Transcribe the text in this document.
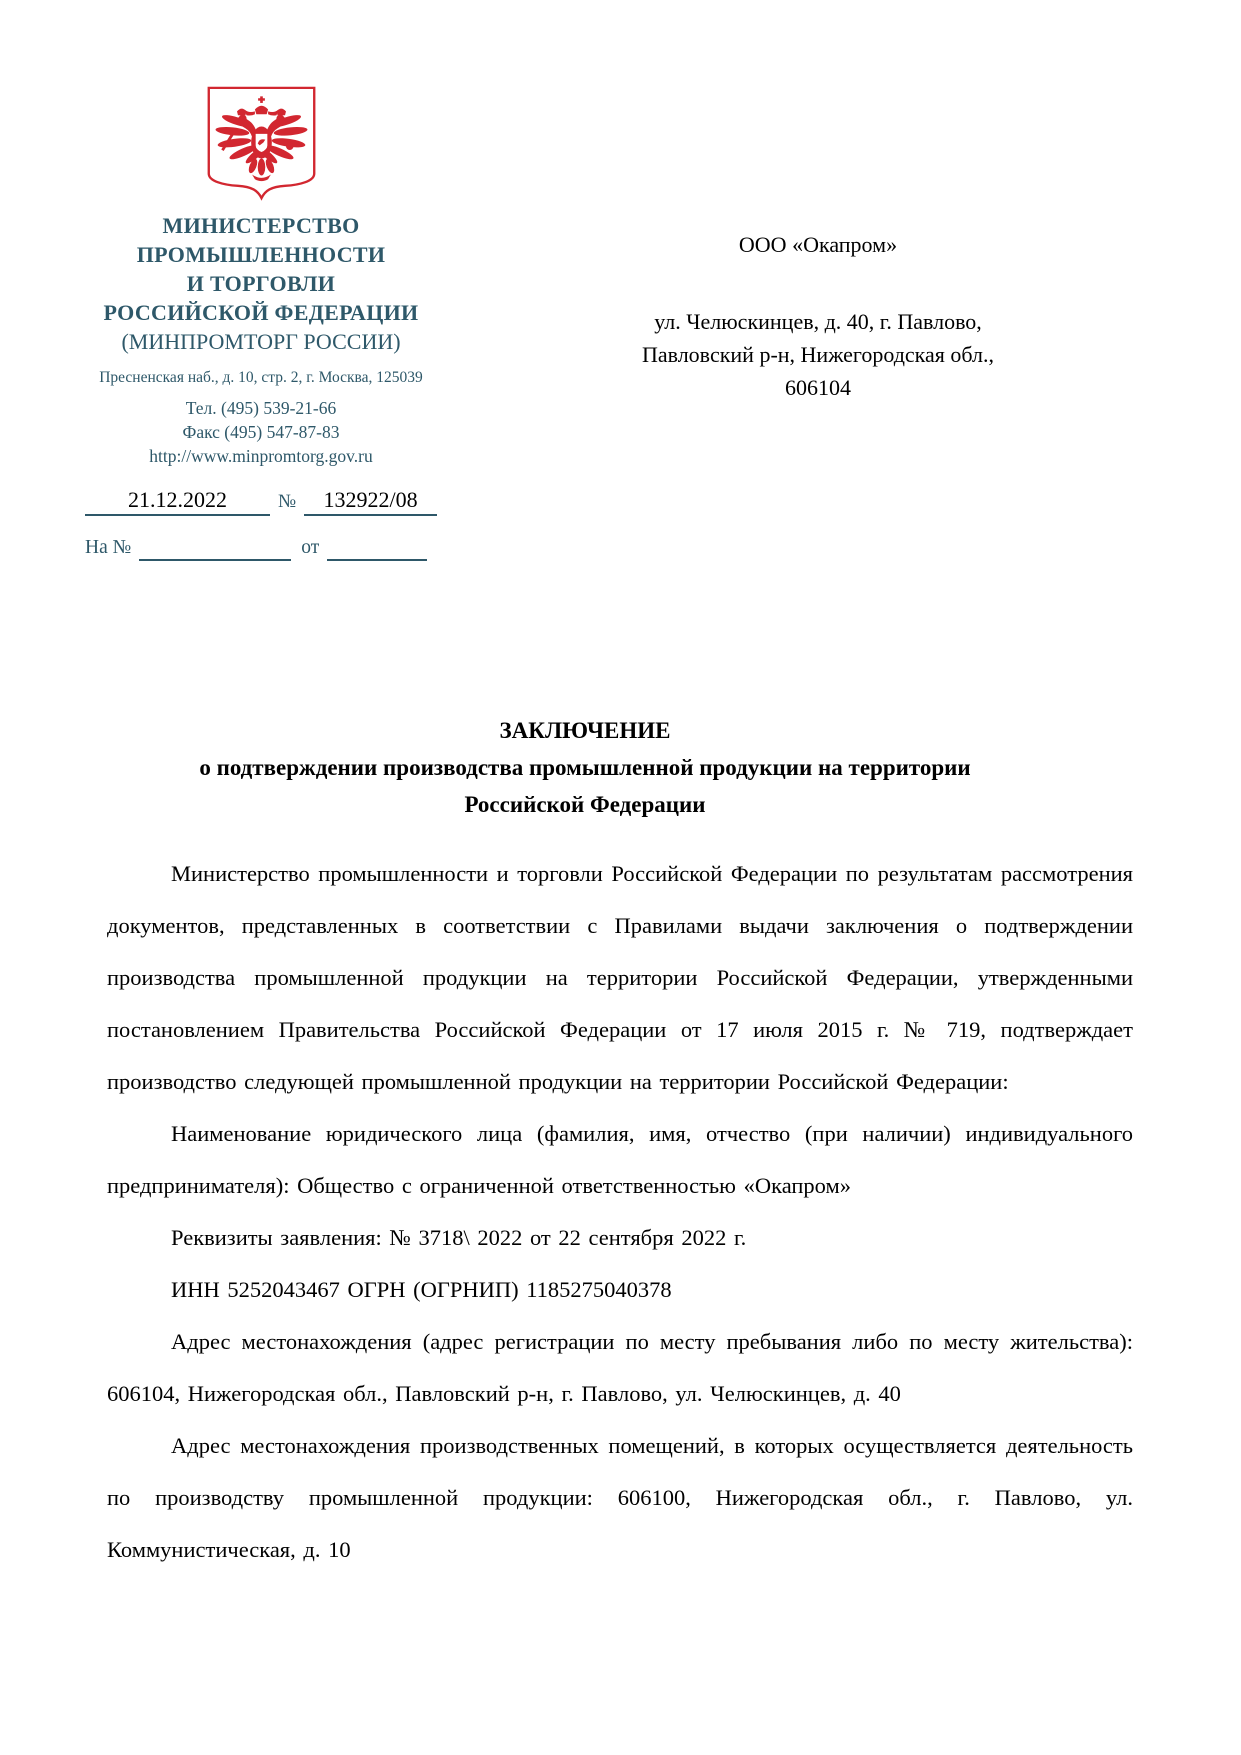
МИНИСТЕРСТВО
ПРОМЫШЛЕННОСТИ
И ТОРГОВЛИ
РОССИЙСКОЙ ФЕДЕРАЦИИ
(МИНПРОМТОРГ РОССИИ)
Пресненская наб., д. 10, стр. 2, г. Москва, 125039
Тел. (495) 539-21-66
Факс (495) 547-87-83
http://www.minpromtorg.gov.ru
21.12.2022	№	132922/08
На №
	от

ООО «Окапром»
ул. Челюскинцев, д. 40, г. Павлово,
Павловский р-н, Нижегородская обл.,
606104
ЗАКЛЮЧЕНИЕ
о подтверждении производства промышленной продукции на территории
Российской Федерации

Министерство промышленности и торговли Российской Федерации по результатам рассмотрения документов, представленных в соответствии с Правилами выдачи заключения о подтверждении производства промышленной продукции на территории Российской Федерации, утвержденными постановлением Правительства Российской Федерации от 17 июля 2015 г. № 719, подтверждает производство следующей промышленной продукции на территории Российской Федерации:

Наименование юридического лица (фамилия, имя, отчество (при наличии) индивидуального предпринимателя): Общество с ограниченной ответственностью «Окапром»

Реквизиты заявления: № 3718\ 2022 от 22 сентября 2022 г.

ИНН 5252043467 ОГРН (ОГРНИП) 1185275040378

Адрес местонахождения (адрес регистрации по месту пребывания либо по месту жительства): 606104, Нижегородская обл., Павловский р-н, г. Павлово, ул. Челюскинцев, д. 40

Адрес местонахождения производственных помещений, в которых осуществляется деятельность по производству промышленной продукции: 606100, Нижегородская обл., г. Павлово, ул. Коммунистическая, д. 10
